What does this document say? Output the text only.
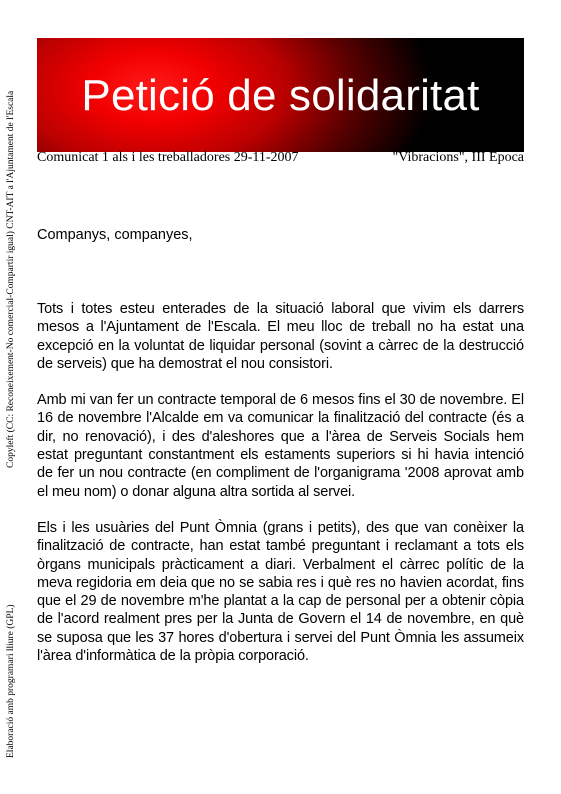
Copyleft (CC: Reconeixement-No comercial-Compartir igual) CNT-AIT a l'Ajuntament de l'Escala
Elaboració amb programari lliure (GPL)
Petició de solidaritat
Comunicat 1 als i les treballadores 29-11-2007	"Vibracions", III Epoca
Companys, companyes,

Tots i totes esteu enterades de la situació laboral que vivim els darrers mesos a l'Ajuntament de l'Escala. El meu lloc de treball no ha estat una excepció en la voluntat de liquidar personal (sovint a càrrec de la destrucció de serveis) que ha demostrat el nou consistori.

Amb mi van fer un contracte temporal de 6 mesos fins el 30 de novembre. El 16 de novembre l'Alcalde em va comunicar la finalització del contracte (és a dir, no renovació), i des d'aleshores que a l'àrea de Serveis Socials hem estat preguntant constantment els estaments superiors si hi havia intenció de fer un nou contracte (en compliment de l'organigrama '2008 aprovat amb el meu nom) o donar alguna altra sortida al servei.

Els i les usuàries del Punt Òmnia (grans i petits), des que van conèixer la finalització de contracte, han estat també preguntant i reclamant a tots els òrgans municipals pràcticament a diari. Verbalment el càrrec polític de la meva regidoria em deia que no se sabia res i què res no havien acordat, fins que el 29 de novembre m'he plantat a la cap de personal per a obtenir còpia de l'acord realment pres per la Junta de Govern el 14 de novembre, en què se suposa que les 37 hores d'obertura i servei del Punt Òmnia les assumeix l'àrea d'informàtica de la pròpia corporació.
